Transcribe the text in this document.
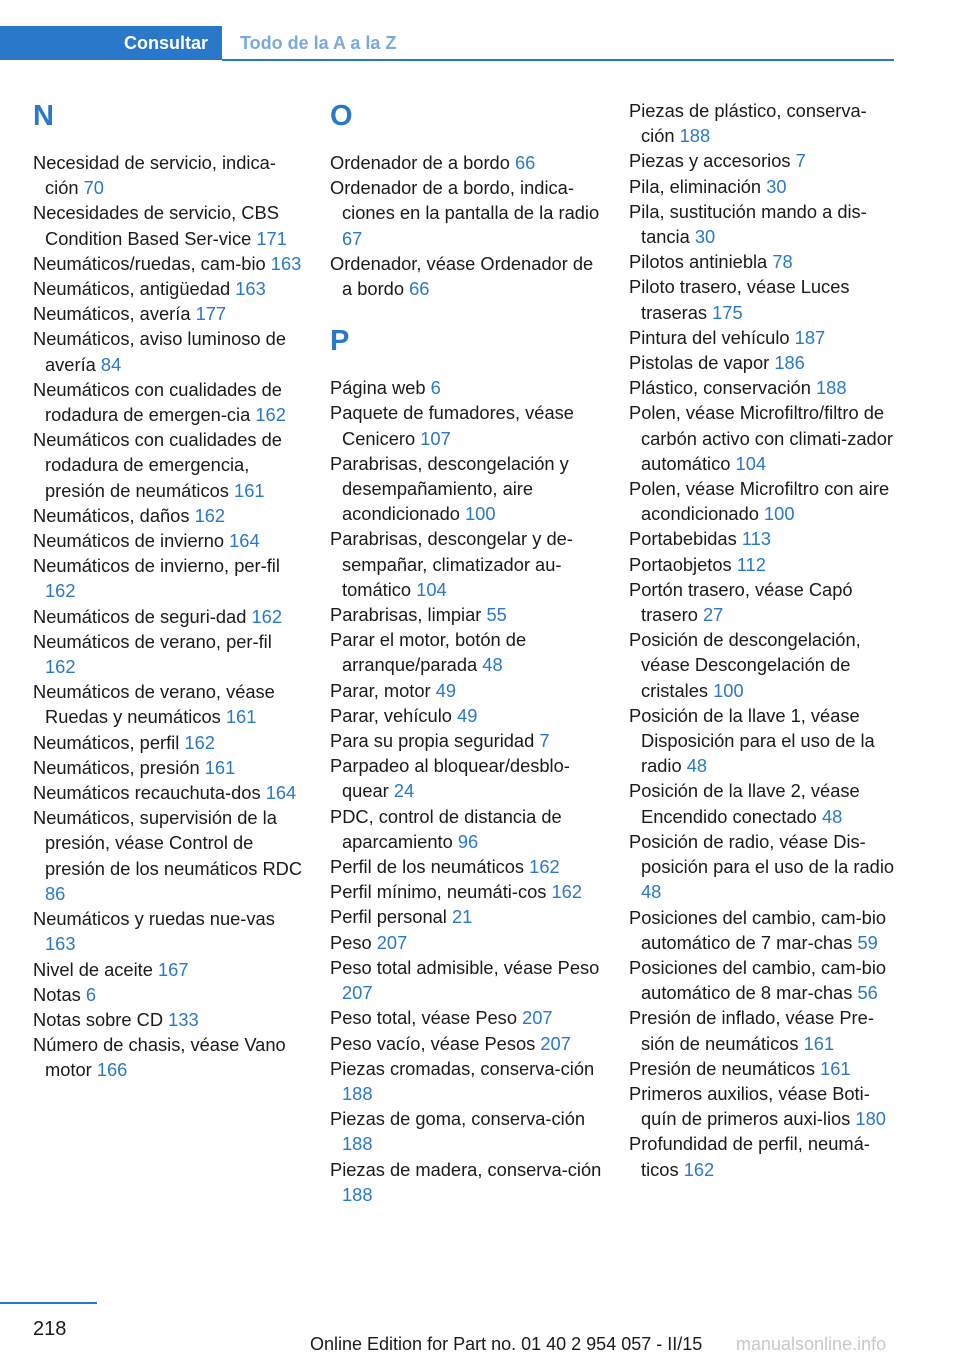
Consultar	Todo de la A a la Z
N
Necesidad de servicio, indica-ción 70
Necesidades de servicio, CBS Condition Based Ser-vice 171
Neumáticos/ruedas, cam-bio 163
Neumáticos, antigüedad 163
Neumáticos, avería 177
Neumáticos, aviso luminoso de avería 84
Neumáticos con cualidades de rodadura de emergen-cia 162
Neumáticos con cualidades de rodadura de emergencia, presión de neumáticos 161
Neumáticos, daños 162
Neumáticos de invierno 164
Neumáticos de invierno, per-fil 162
Neumáticos de seguri-dad 162
Neumáticos de verano, per-fil 162
Neumáticos de verano, véase Ruedas y neumáticos 161
Neumáticos, perfil 162
Neumáticos, presión 161
Neumáticos recauchuta-dos 164
Neumáticos, supervisión de la presión, véase Control de presión de los neumáticos RDC 86
Neumáticos y ruedas nue-vas 163
Nivel de aceite 167
Notas 6
Notas sobre CD 133
Número de chasis, véase Vano motor 166
O
Ordenador de a bordo 66
Ordenador de a bordo, indica-ciones en la pantalla de la radio 67
Ordenador, véase Ordenador de a bordo 66
P
Página web 6
Paquete de fumadores, véase Cenicero 107
Parabrisas, descongelación y desempañamiento, aire acondicionado 100
Parabrisas, descongelar y de-sempañar, climatizador au-tomático 104
Parabrisas, limpiar 55
Parar el motor, botón de arranque/parada 48
Parar, motor 49
Parar, vehículo 49
Para su propia seguridad 7
Parpadeo al bloquear/desblo-quear 24
PDC, control de distancia de aparcamiento 96
Perfil de los neumáticos 162
Perfil mínimo, neumáti-cos 162
Perfil personal 21
Peso 207
Peso total admisible, véase Peso 207
Peso total, véase Peso 207
Peso vacío, véase Pesos 207
Piezas cromadas, conserva-ción 188
Piezas de goma, conserva-ción 188
Piezas de madera, conserva-ción 188
Piezas de plástico, conserva-ción 188
Piezas y accesorios 7
Pila, eliminación 30
Pila, sustitución mando a dis-tancia 30
Pilotos antiniebla 78
Piloto trasero, véase Luces traseras 175
Pintura del vehículo 187
Pistolas de vapor 186
Plástico, conservación 188
Polen, véase Microfiltro/filtro de carbón activo con climati-zador automático 104
Polen, véase Microfiltro con aire acondicionado 100
Portabebidas 113
Portaobjetos 112
Portón trasero, véase Capó trasero 27
Posición de descongelación, véase Descongelación de cristales 100
Posición de la llave 1, véase Disposición para el uso de la radio 48
Posición de la llave 2, véase Encendido conectado 48
Posición de radio, véase Dis-posición para el uso de la radio 48
Posiciones del cambio, cam-bio automático de 7 mar-chas 59
Posiciones del cambio, cam-bio automático de 8 mar-chas 56
Presión de inflado, véase Pre-sión de neumáticos 161
Presión de neumáticos 161
Primeros auxilios, véase Boti-quín de primeros auxi-lios 180
Profundidad de perfil, neumá-ticos 162
218
Online Edition for Part no. 01 40 2 954 057 - II/15 manualsonline.info
